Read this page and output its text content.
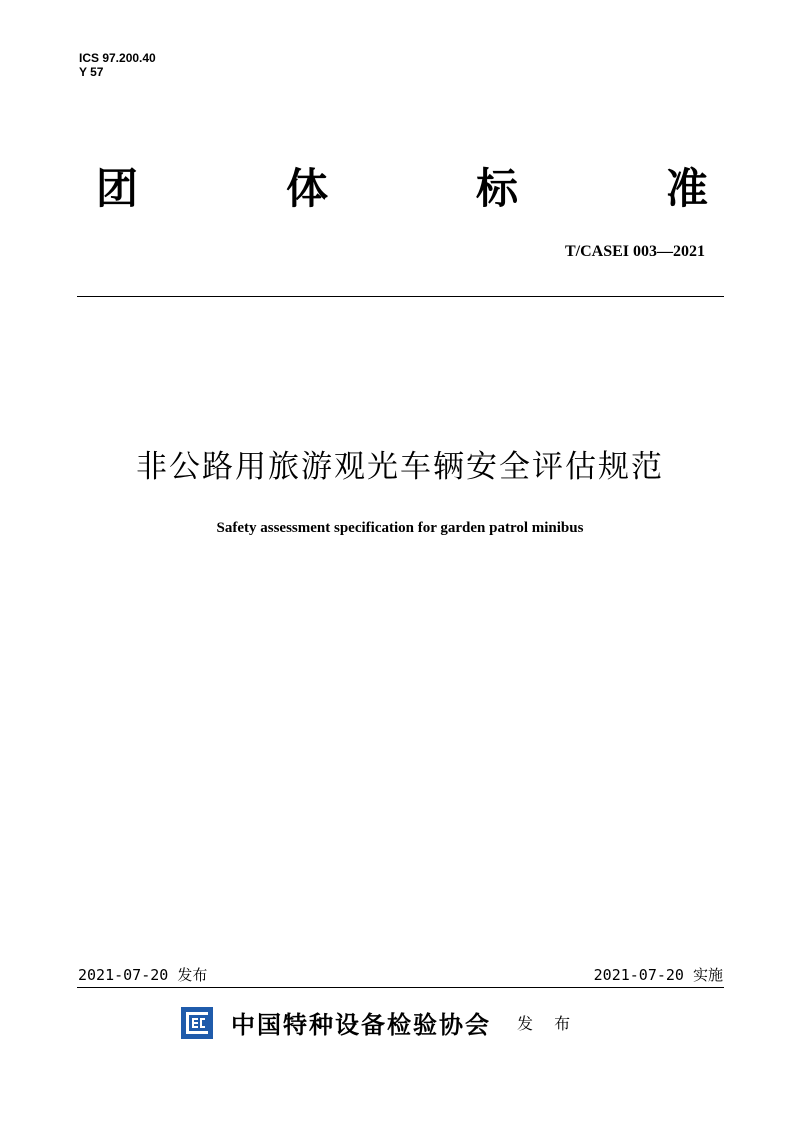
ICS 97.200.40
Y 57
团	体	标	准
T/CASEI 003—2021
非公路用旅游观光车辆安全评估规范
Safety assessment specification for garden patrol minibus
2021-07-20 发布	2021-07-20 实施
中国特种设备检验协会 发 布
